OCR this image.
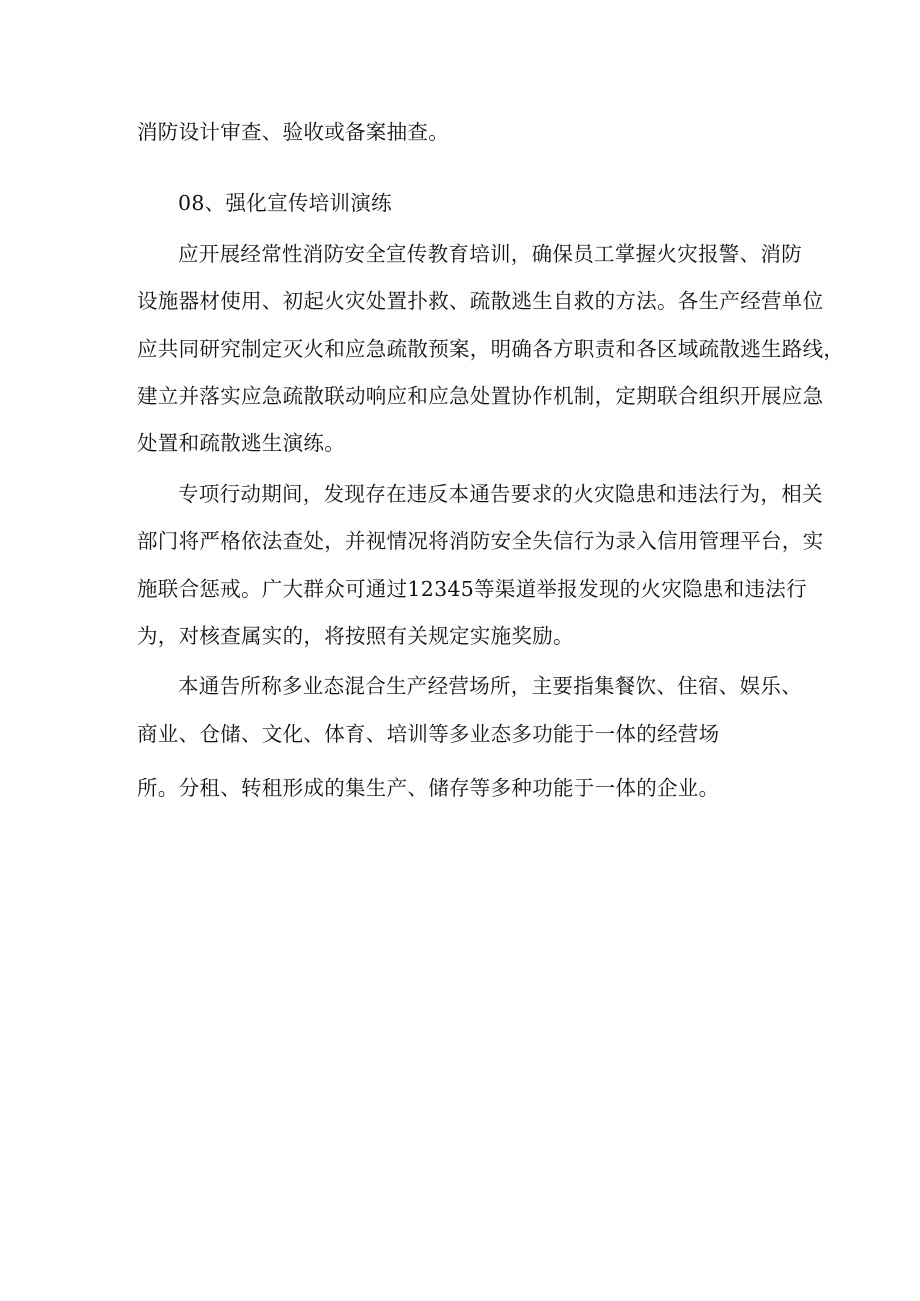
消防设计审查、验收或备案抽查。
08、强化宣传培训演练
应开展经常性消防安全宣传教育培训，确保员工掌握火灾报警、消防
设施器材使用、初起火灾处置扑救、疏散逃生自救的方法。各生产经营单位
应共同研究制定灭火和应急疏散预案，明确各方职责和各区域疏散逃生路线，
建立并落实应急疏散联动响应和应急处置协作机制，定期联合组织开展应急
处置和疏散逃生演练。
专项行动期间，发现存在违反本通告要求的火灾隐患和违法行为，相关
部门将严格依法查处，并视情况将消防安全失信行为录入信用管理平台，实
施联合惩戒。广大群众可通过12345等渠道举报发现的火灾隐患和违法行
为，对核查属实的，将按照有关规定实施奖励。
本通告所称多业态混合生产经营场所，主要指集餐饮、住宿、娱乐、
商业、仓储、文化、体育、培训等多业态多功能于一体的经营场
所。分租、转租形成的集生产、储存等多种功能于一体的企业。
